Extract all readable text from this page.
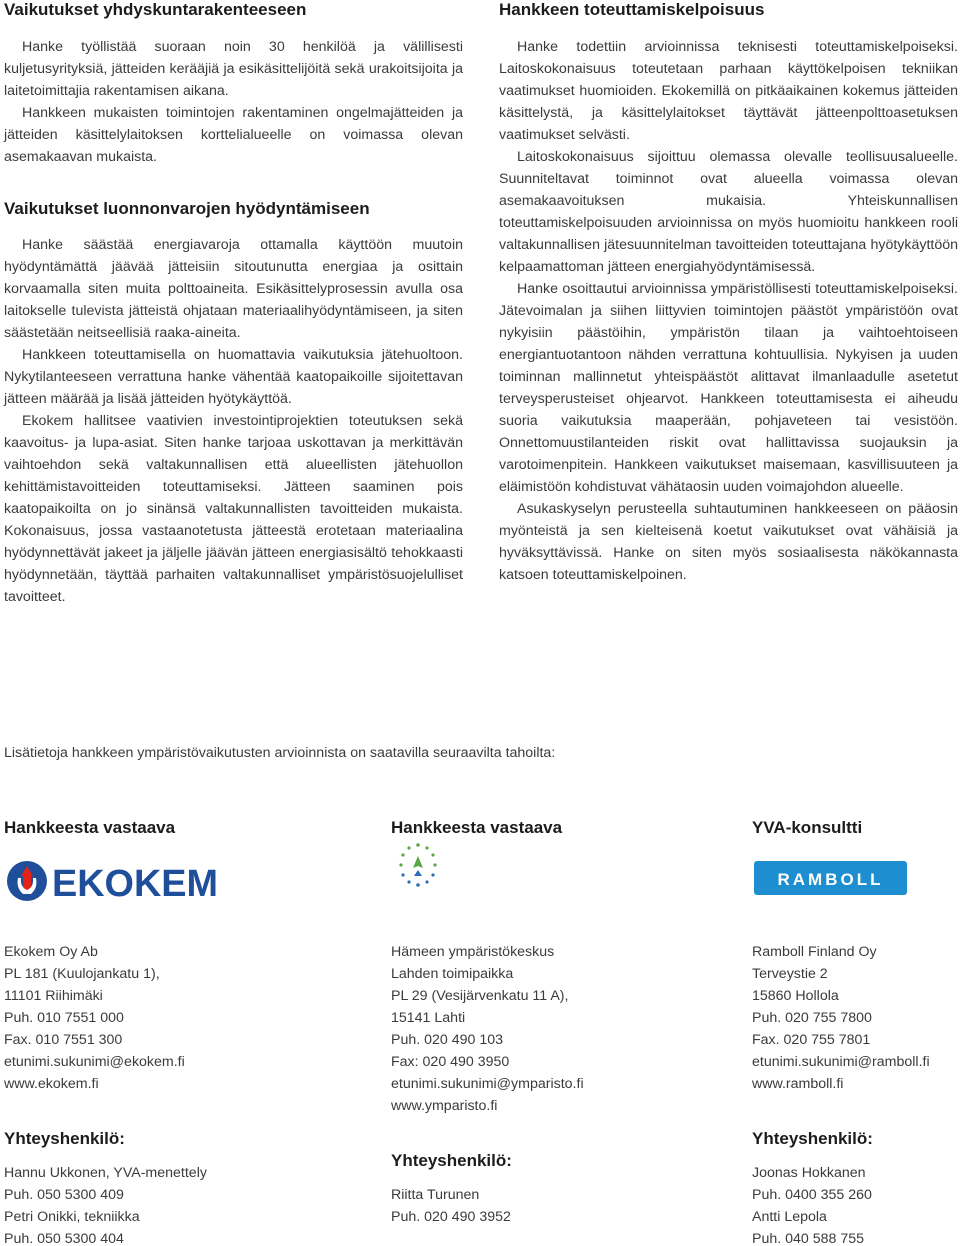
Vaikutukset yhdyskuntarakenteeseen

Hanke työllistää suoraan noin 30 henkilöä ja välillisesti kuljetusyrityksiä, jätteiden kerääjiä ja esikäsittelijöitä sekä urakoitsijoita ja laitetoimittajia rakentamisen aikana.

Hankkeen mukaisten toimintojen rakentaminen ongelmajätteiden ja jätteiden käsittelylaitoksen korttelialueelle on voimassa olevan asemakaavan mukaista.

Vaikutukset luonnonvarojen hyödyntämiseen

Hanke säästää energiavaroja ottamalla käyttöön muutoin hyödyntämättä jäävää jätteisiin sitoutunutta energiaa ja osittain korvaamalla siten muita polttoaineita. Esikäsittelyprosessin avulla osa laitokselle tulevista jätteistä ohjataan materiaalihyödyntämiseen, ja siten säästetään neitseellisiä raaka-aineita.

Hankkeen toteuttamisella on huomattavia vaikutuksia jätehuoltoon. Nykytilanteeseen verrattuna hanke vähentää kaatopaikoille sijoitettavan jätteen määrää ja lisää jätteiden hyötykäyttöä.

Ekokem hallitsee vaativien investointiprojektien toteutuksen sekä kaavoitus- ja lupa-asiat. Siten hanke tarjoaa uskottavan ja merkittävän vaihtoehdon sekä valtakunnallisen että alueellisten jätehuollon kehittämistavoitteiden toteuttamiseksi. Jätteen saaminen pois kaatopaikoilta on jo sinänsä valtakunnallisten tavoitteiden mukaista. Kokonaisuus, jossa vastaanotetusta jätteestä erotetaan materiaalina hyödynnettävät jakeet ja jäljelle jäävän jätteen energiasisältö tehokkaasti hyödynnetään, täyttää parhaiten valtakunnalliset ympäristösuojelulliset tavoitteet.

Hankkeen toteuttamiskelpoisuus

Hanke todettiin arvioinnissa teknisesti toteuttamiskelpoiseksi. Laitoskokonaisuus toteutetaan parhaan käyttökelpoisen tekniikan vaatimukset huomioiden. Ekokemillä on pitkäaikainen kokemus jätteiden käsittelystä, ja käsittelylaitokset täyttävät jätteenpolttoasetuksen vaatimukset selvästi.

Laitoskokonaisuus sijoittuu olemassa olevalle teollisuusalueelle. Suunniteltavat toiminnot ovat alueella voimassa olevan asemakaavoituksen mukaisia. Yhteiskunnallisen toteuttamiskelpoisuuden arvioinnissa on myös huomioitu hankkeen rooli valtakunnallisen jätesuunnitelman tavoitteiden toteuttajana hyötykäyttöön kelpaamattoman jätteen energiahyödyntämisessä.

Hanke osoittautui arvioinnissa ympäristöllisesti toteuttamiskelpoiseksi. Jätevoimalan ja siihen liittyvien toimintojen päästöt ympäristöön ovat nykyisiin päästöihin, ympäristön tilaan ja vaihtoehtoiseen energiantuotantoon nähden verrattuna kohtuullisia. Nykyisen ja uuden toiminnan mallinnetut yhteispäästöt alittavat ilmanlaadulle asetetut terveysperusteiset ohjearvot. Hankkeen toteuttamisesta ei aiheudu suoria vaikutuksia maaperään, pohjaveteen tai vesistöön. Onnettomuustilanteiden riskit ovat hallittavissa suojauksin ja varotoimenpitein. Hankkeen vaikutukset maisemaan, kasvillisuuteen ja eläimistöön kohdistuvat vähätaosin uuden voimajohdon alueelle.

Asukaskyselyn perusteella suhtautuminen hankkeeseen on pääosin myönteistä ja sen kielteisenä koetut vaikutukset ovat vähäisiä ja hyväksyttävissä. Hanke on siten myös sosiaalisesta näkökannasta katsoen toteuttamiskelpoinen.

Lisätietoja hankkeen ympäristövaikutusten arvioinnista on saatavilla seuraavilta tahoilta:
Hankkeesta vastaava	Hankkeesta vastaava	YVA-konsultti
EKOKEM	RAMBOLL
Ekokem Oy Ab
PL 181 (Kuulojankatu 1),
11101 Riihimäki
Puh. 010 7551 000
Fax. 010 7551 300
etunimi.sukunimi@ekokem.fi
www.ekokem.fi
Hämeen ympäristökeskus
Lahden toimipaikka
PL 29 (Vesijärvenkatu 11 A),
15141 Lahti
Puh. 020 490 103
Fax: 020 490 3950
etunimi.sukunimi@ymparisto.fi
www.ymparisto.fi
Ramboll Finland Oy
Terveystie 2
15860 Hollola
Puh. 020 755 7800
Fax. 020 755 7801
etunimi.sukunimi@ramboll.fi
www.ramboll.fi
Yhteyshenkilö:
Yhteyshenkilö:
Yhteyshenkilö:
Hannu Ukkonen, YVA-menettely
Puh. 050 5300 409
Petri Onikki, tekniikka
Puh. 050 5300 404
Riitta Turunen
Puh. 020 490 3952
Joonas Hokkanen
Puh. 0400 355 260
Antti Lepola
Puh. 040 588 755
